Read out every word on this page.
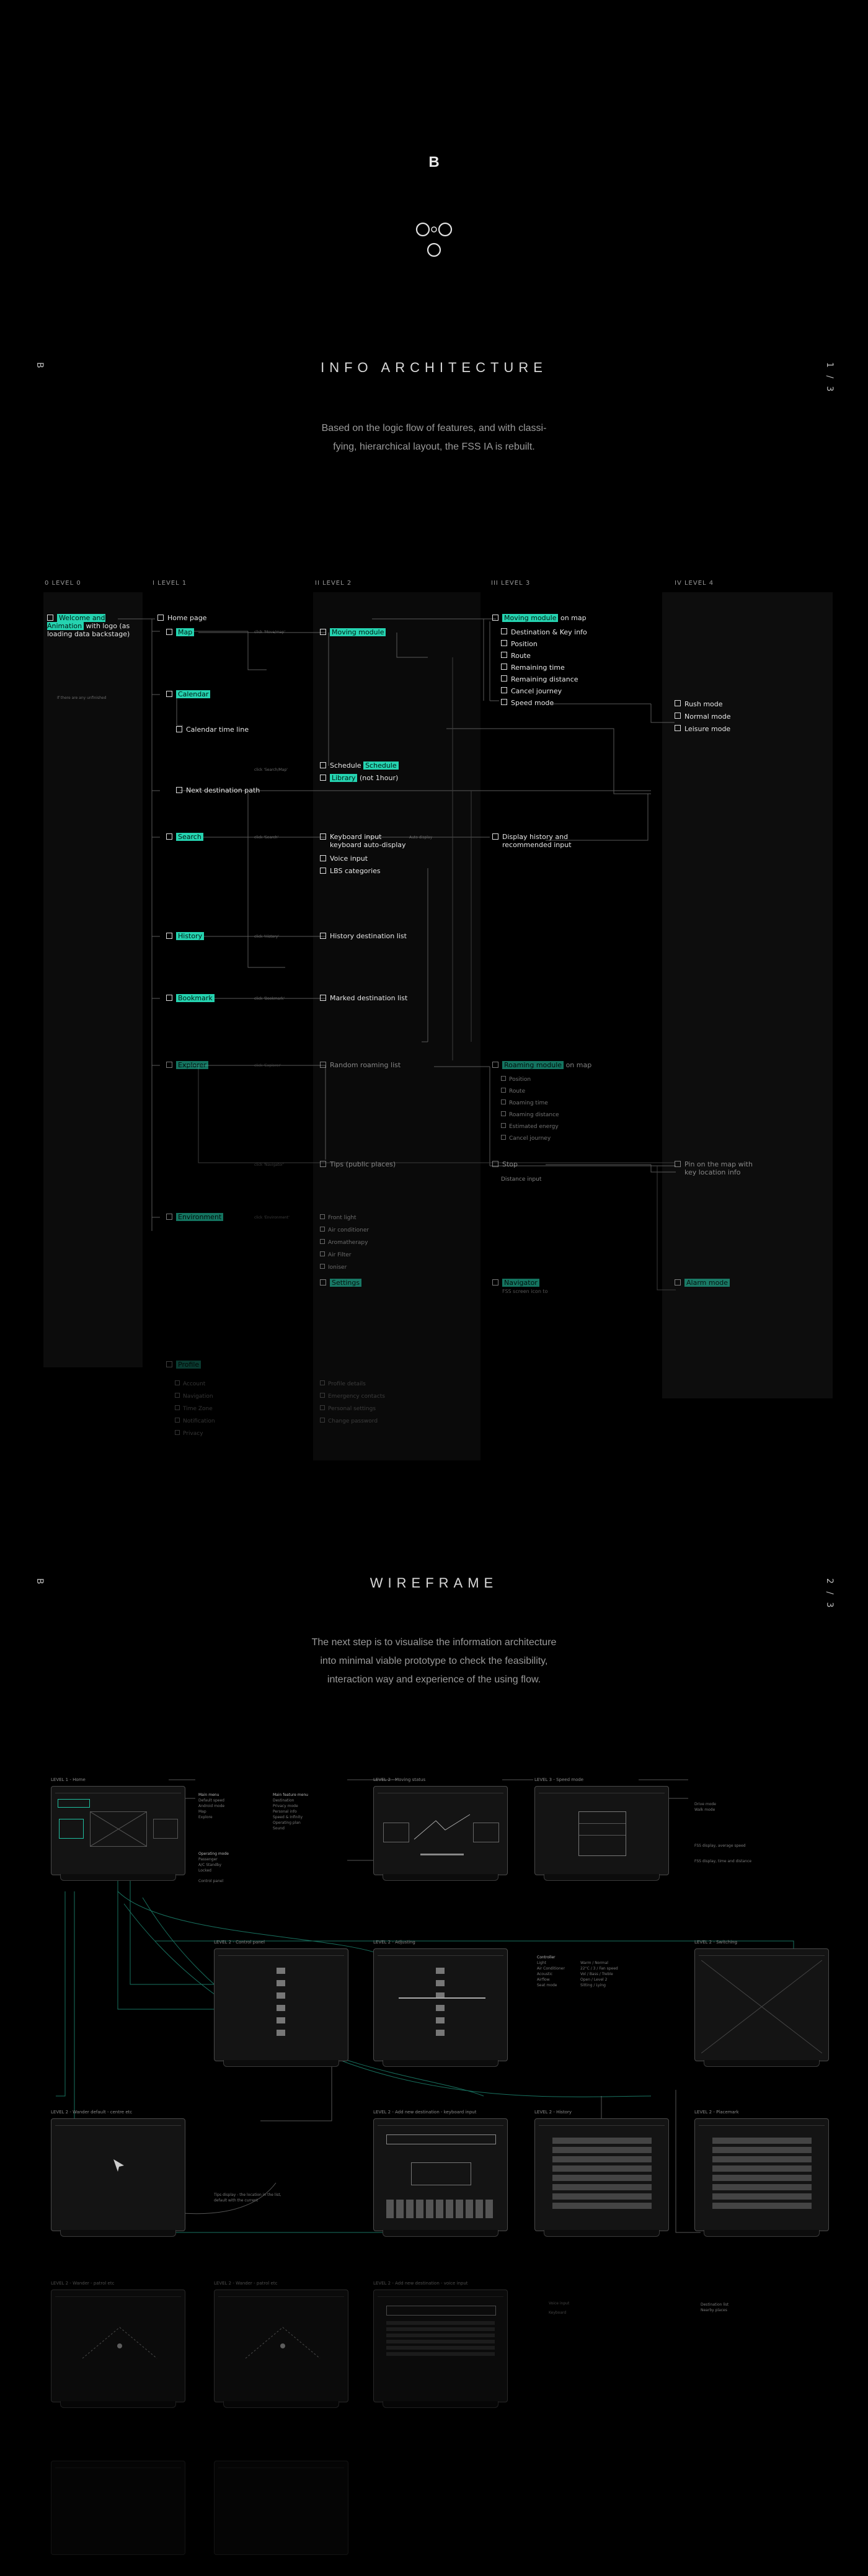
B
B	1 / 3
INFO ARCHITECTURE
Based on the logic flow of features, and with classi-
fying, hierarchical layout, the FSS IA is rebuilt.
0 LEVEL 0	I LEVEL 1	II LEVEL 2	III LEVEL 3	IV LEVEL 4
Welcome and Animation with logo (as loading data backstage)
If there are any unfinished
Home page
Map
Calendar
Calendar time line
Next destination path
Search
History
Bookmark
Explorer
Environment
Profile
Account
Navigation
Time Zone
Notification
Privacy
click 'Move/map'
click 'Search/Map'
click 'Search'
click 'History'
click 'Bookmark'
click 'Explorer'
click 'Navigator'
click 'Environment'
Auto display
Moving module
Schedule Schedule
Library (not 1hour)
Keyboard input
keyboard auto-display
Voice input
LBS categories
History destination list
Marked destination list
Random roaming list
Tips (public places)
Front light
Air conditioner
Aromatherapy
Air Filter
Ioniser
Settings
Profile details
Emergency contacts
Personal settings
Change password
Moving module on map
Destination & Key info
Position
Route
Remaining time
Remaining distance
Cancel journey
Speed mode
Display history and
recommended input
Roaming module on map
Position
Route
Roaming time
Roaming distance
Estimated energy
Cancel journey
Stop
Distance input
Navigator
FSS screen icon to
Rush mode
Normal mode
Leisure mode
Pin on the map with
key location info
Alarm mode
B	2 / 3
WIREFRAME
The next step is to visualise the information architecture
into minimal viable prototype to check the feasibility,
interaction way and experience of the using flow.
LEVEL 1 - Home
Main menu
Default speed
Android mode
Map
Explore
Main feature menu
Destination
Privacy mode
Personal info
Speed & Infinity
Operating plan
Sound
Operating mode
Passenger
A/C Standby
Locked
Control panel
LEVEL 2 - Moving status	LEVEL 3 - Speed mode
Drive mode
Walk mode
FSS display, average speed
FSS display, time and distance
LEVEL 2 - Control panel	LEVEL 2 - Adjusting
Controller
Light
Air Conditioner
Acoustic
Airflow
Seat mode
Warm / Normal
22°C / 3 / Fan speed
Vol / Bass / Treble
Open / Level 2
Sitting / Lying
LEVEL 2 - Switching
LEVEL 2 - Wander default - centre etc
Tips display - the location in the list,
default with the current
LEVEL 2 - Add new destination - keyboard input	LEVEL 2 - History	LEVEL 2 - Placemark
Destination list
Nearby places
LEVEL 2 - Wander - patrol etc	LEVEL 2 - Wander - patrol etc	LEVEL 2 - Add new destination - voice input
Voice input
Keyboard
